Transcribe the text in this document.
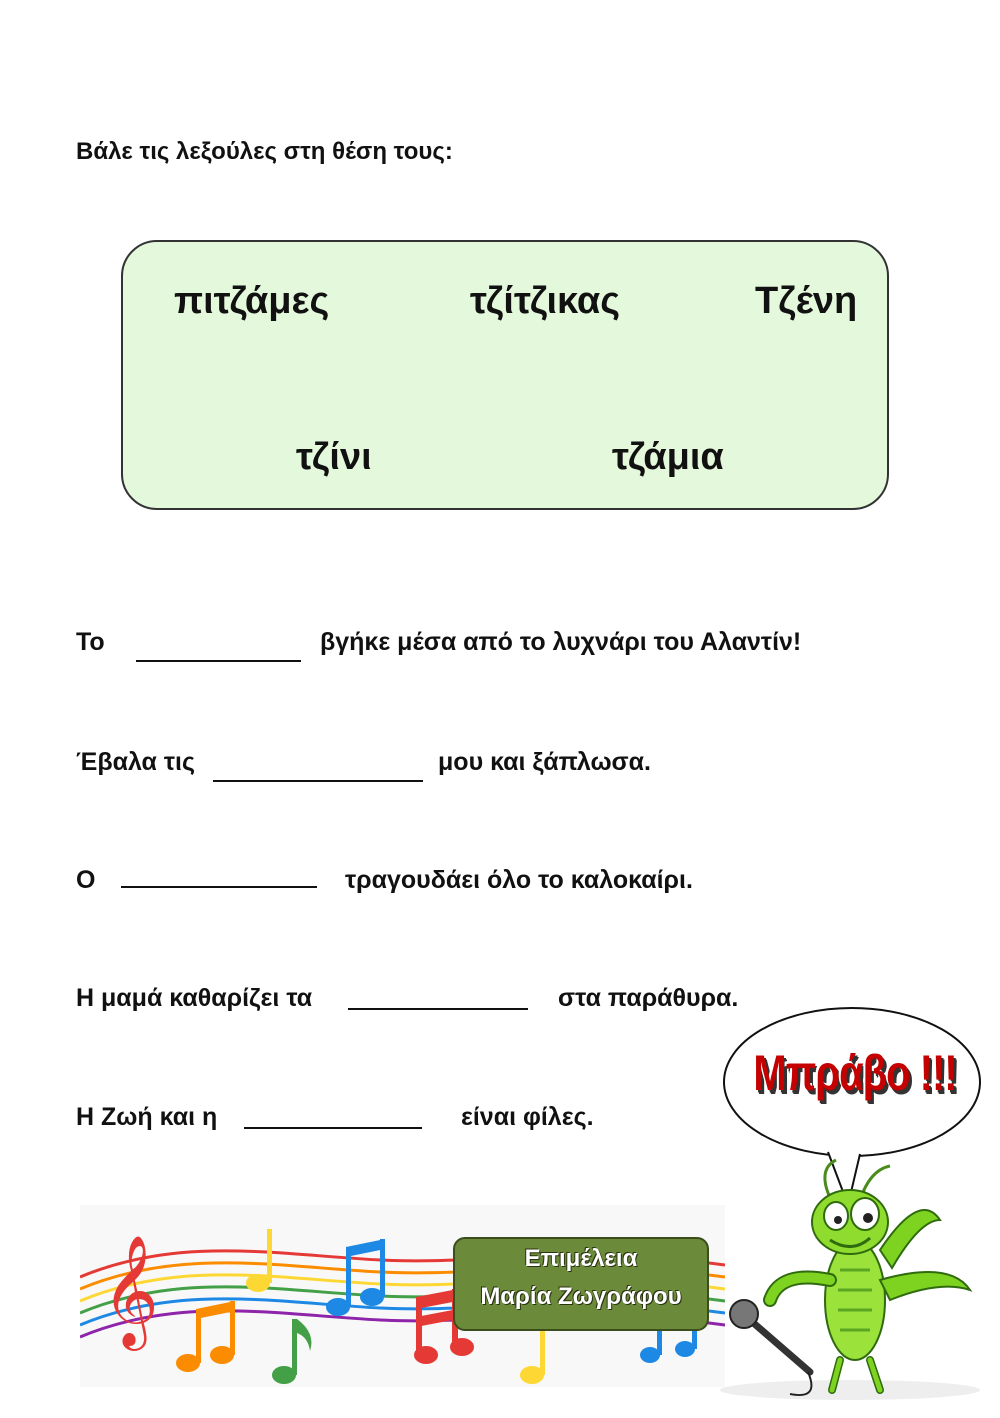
Βάλε τις λεξούλες στη θέση τους:
πιτζάμες	τζίτζικας	Τζένη
τζίνι	τζάμια
Το	βγήκε μέσα από το λυχνάρι του Αλαντίν!
Έβαλα τις	μου και ξάπλωσα.
Ο	τραγουδάει όλο το καλοκαίρι.
Η μαμά καθαρίζει τα	στα παράθυρα.
Η Ζωή και η	είναι φίλες.
Μπράβο !!!
𝄞	Επιμέλεια
Μαρία Ζωγράφου
